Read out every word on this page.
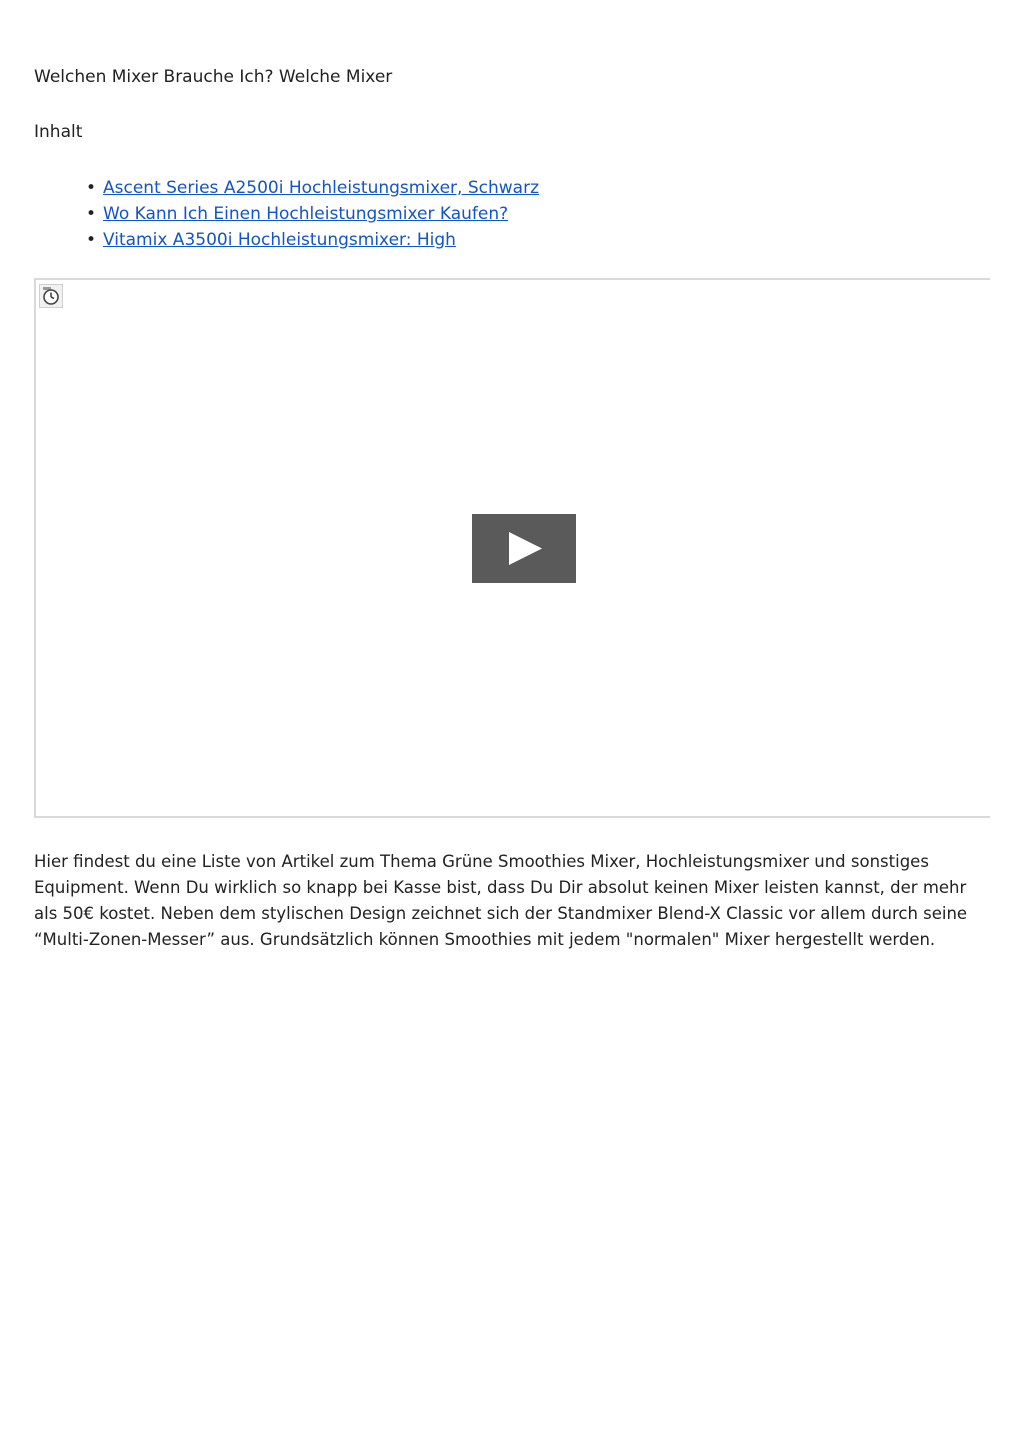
Welchen Mixer Brauche Ich? Welche Mixer
Inhalt
• Ascent Series A2500i Hochleistungsmixer, Schwarz
• Wo Kann Ich Einen Hochleistungsmixer Kaufen?
• Vitamix A3500i Hochleistungsmixer: High

Hier findest du eine Liste von Artikel zum Thema Grüne Smoothies Mixer, Hochleistungsmixer und sonstiges Equipment. Wenn Du wirklich so knapp bei Kasse bist, dass Du Dir absolut keinen Mixer leisten kannst, der mehr als 50€ kostet. Neben dem stylischen Design zeichnet sich der Standmixer Blend-X Classic vor allem durch seine “Multi-Zonen-Messer” aus. Grundsätzlich können Smoothies mit jedem "normalen" Mixer hergestellt werden.
